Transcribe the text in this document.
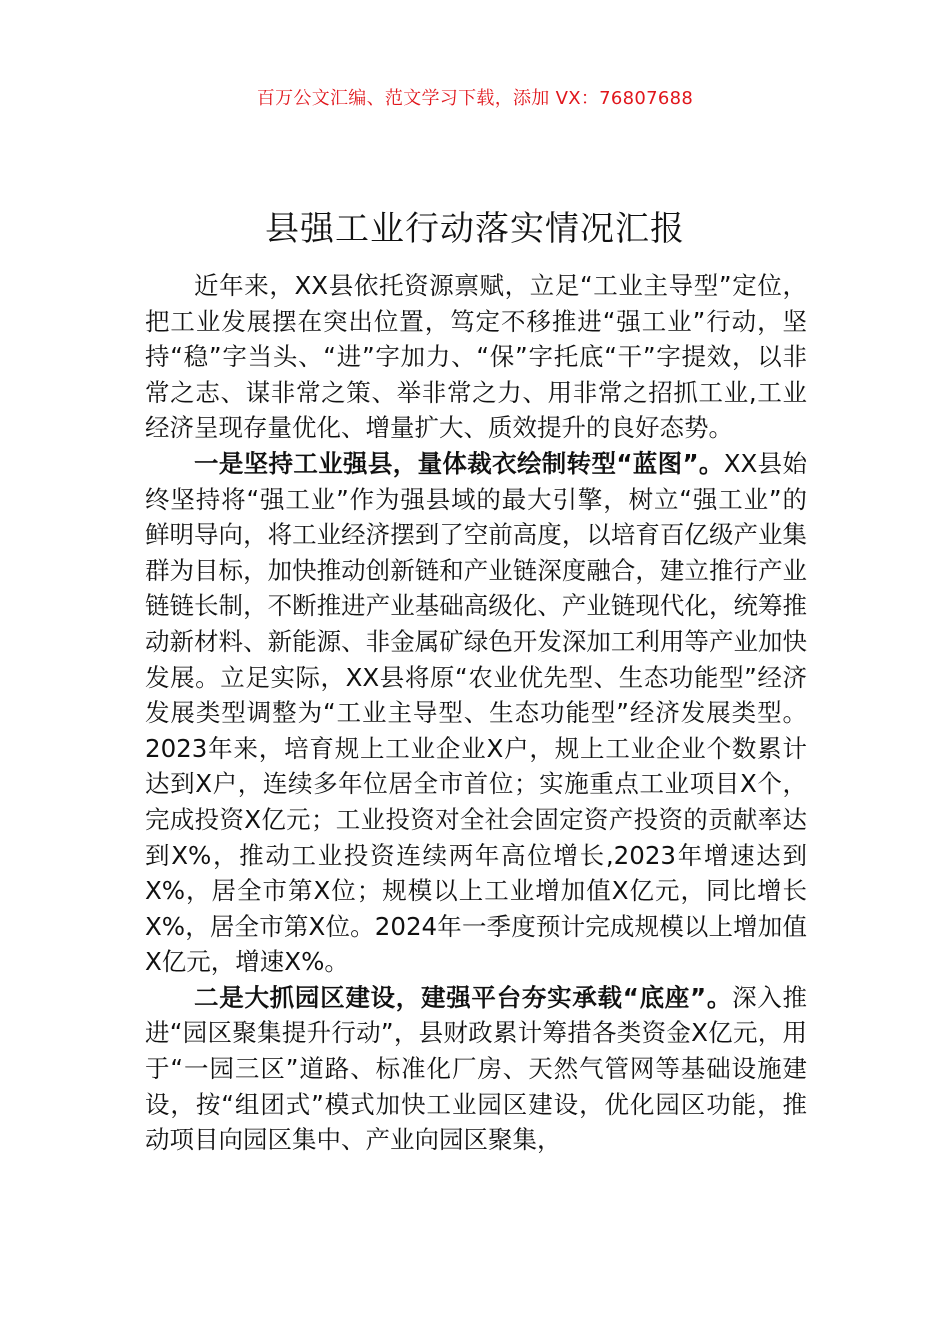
百万公文汇编、范文学习下载，添加 VX：76807688
县强工业行动落实情况汇报

近年来，XX县依托资源禀赋，立足“工业主导型”定位，把工业发展摆在突出位置，笃定不移推进“强工业”行动，坚持“稳”字当头、“进”字加力、“保”字托底“干”字提效，以非常之志、谋非常之策、举非常之力、用非常之招抓工业,工业经济呈现存量优化、增量扩大、质效提升的良好态势。

一是坚持工业强县，量体裁衣绘制转型“蓝图”。XX县始终坚持将“强工业”作为强县域的最大引擎，树立“强工业”的鲜明导向，将工业经济摆到了空前高度，以培育百亿级产业集群为目标，加快推动创新链和产业链深度融合，建立推行产业链链长制，不断推进产业基础高级化、产业链现代化，统筹推动新材料、新能源、非金属矿绿色开发深加工利用等产业加快发展。立足实际，XX县将原“农业优先型、生态功能型”经济发展类型调整为“工业主导型、生态功能型”经济发展类型。2023年来，培育规上工业企业X户，规上工业企业个数累计达到X户，连续多年位居全市首位；实施重点工业项目X个，完成投资X亿元；工业投资对全社会固定资产投资的贡献率达到X%，推动工业投资连续两年高位增长,2023年增速达到X%，居全市第X位；规模以上工业增加值X亿元，同比增长X%，居全市第X位。2024年一季度预计完成规模以上增加值X亿元，增速X%。

二是大抓园区建设，建强平台夯实承载“底座”。深入推进“园区聚集提升行动”，县财政累计筹措各类资金X亿元，用于“一园三区”道路、标准化厂房、天然气管网等基础设施建设，按“组团式”模式加快工业园区建设，优化园区功能，推动项目向园区集中、产业向园区聚集，
